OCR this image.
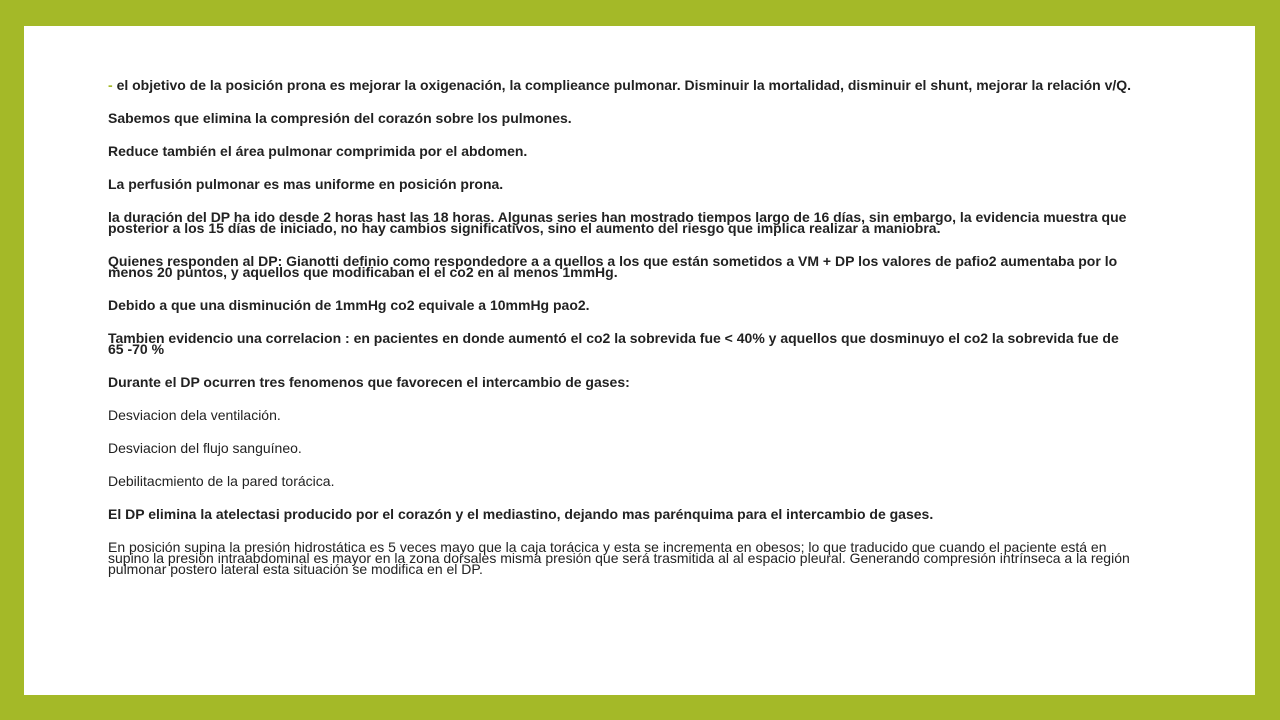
- el objetivo de la posición prona es mejorar la oxigenación, la complieance pulmonar. Disminuir la mortalidad, disminuir el shunt, mejorar la relación v/Q.

Sabemos que elimina la compresión del corazón sobre los pulmones.

Reduce también el área pulmonar comprimida por el abdomen.

La perfusión pulmonar es mas uniforme en posición prona.

la duración del DP ha ido desde 2 horas hast las 18 horas. Algunas series han mostrado tiempos largo de 16 días, sin embargo, la evidencia muestra que posterior a los 15 días de iniciado, no hay cambios significativos, sino el aumento del riesgo que implica realizar a maniobra.

Quienes responden al DP: Gianotti definio como respondedore a a quellos a los que están sometidos a VM + DP los valores de pafio2 aumentaba por lo menos 20 puntos, y aquellos que modificaban el el co2 en al menos 1mmHg.

Debido a que una disminución de 1mmHg co2 equivale a 10mmHg pao2.

Tambien evidencio una correlacion : en pacientes en donde aumentó el co2 la sobrevida fue < 40% y aquellos que dosminuyo el co2 la sobrevida fue de 65 -70 %

Durante el DP ocurren tres fenomenos que favorecen el intercambio de gases:

Desviacion dela ventilación.

Desviacion del flujo sanguíneo.

Debilitacmiento de la pared torácica.

El DP elimina la atelectasi producido por el corazón y el mediastino, dejando mas parénquima para el intercambio de gases.

En posición supina la presión hidrostática es 5 veces mayo que la caja torácica y esta se incrementa en obesos; lo que traducido que cuando el paciente está en supino la presión intraabdominal es mayor en la zona dorsales misma presión que será trasmitida al al espacio pleural. Generando compresión intrínseca a la región pulmonar postero lateral esta situación se modifica en el DP.
